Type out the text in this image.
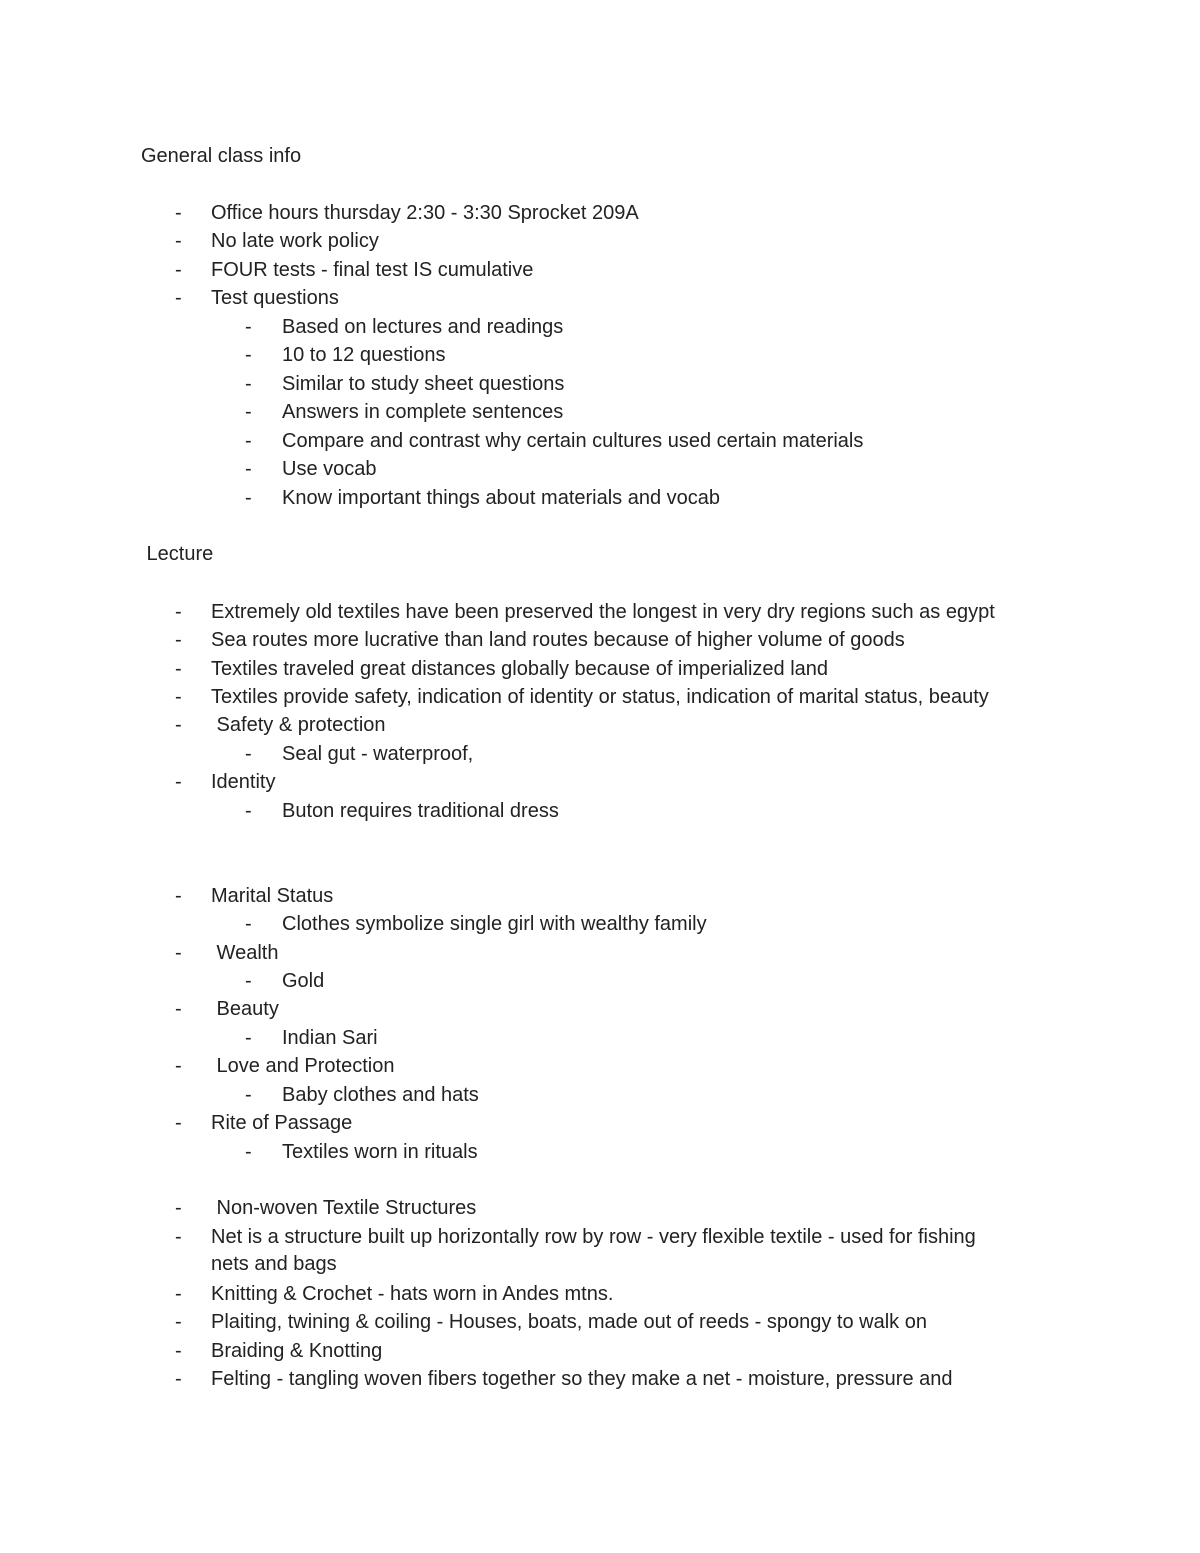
General class info
- Office hours thursday 2:30 - 3:30 Sprocket 209A
- No late work policy
- FOUR tests - final test IS cumulative
- Test questions
- Based on lectures and readings
- 10 to 12 questions
- Similar to study sheet questions
- Answers in complete sentences
- Compare and contrast why certain cultures used certain materials
- Use vocab
- Know important things about materials and vocab
Lecture
- Extremely old textiles have been preserved the longest in very dry regions such as egypt
- Sea routes more lucrative than land routes because of higher volume of goods
- Textiles traveled great distances globally because of imperialized land
- Textiles provide safety, indication of identity or status, indication of marital status, beauty
- Safety & protection
- Seal gut - waterproof,
- Identity
- Buton requires traditional dress
- Marital Status
- Clothes symbolize single girl with wealthy family
- Wealth
- Gold
- Beauty
- Indian Sari
- Love and Protection
- Baby clothes and hats
- Rite of Passage
- Textiles worn in rituals
- Non-woven Textile Structures
- Net is a structure built up horizontally row by row - very flexible textile - used for fishing
- Knitting & Crochet - hats worn in Andes mtns.
- Plaiting, twining & coiling - Houses, boats, made out of reeds - spongy to walk on
- Braiding & Knotting
- Felting - tangling woven fibers together so they make a net - moisture, pressure and
nets and bags
